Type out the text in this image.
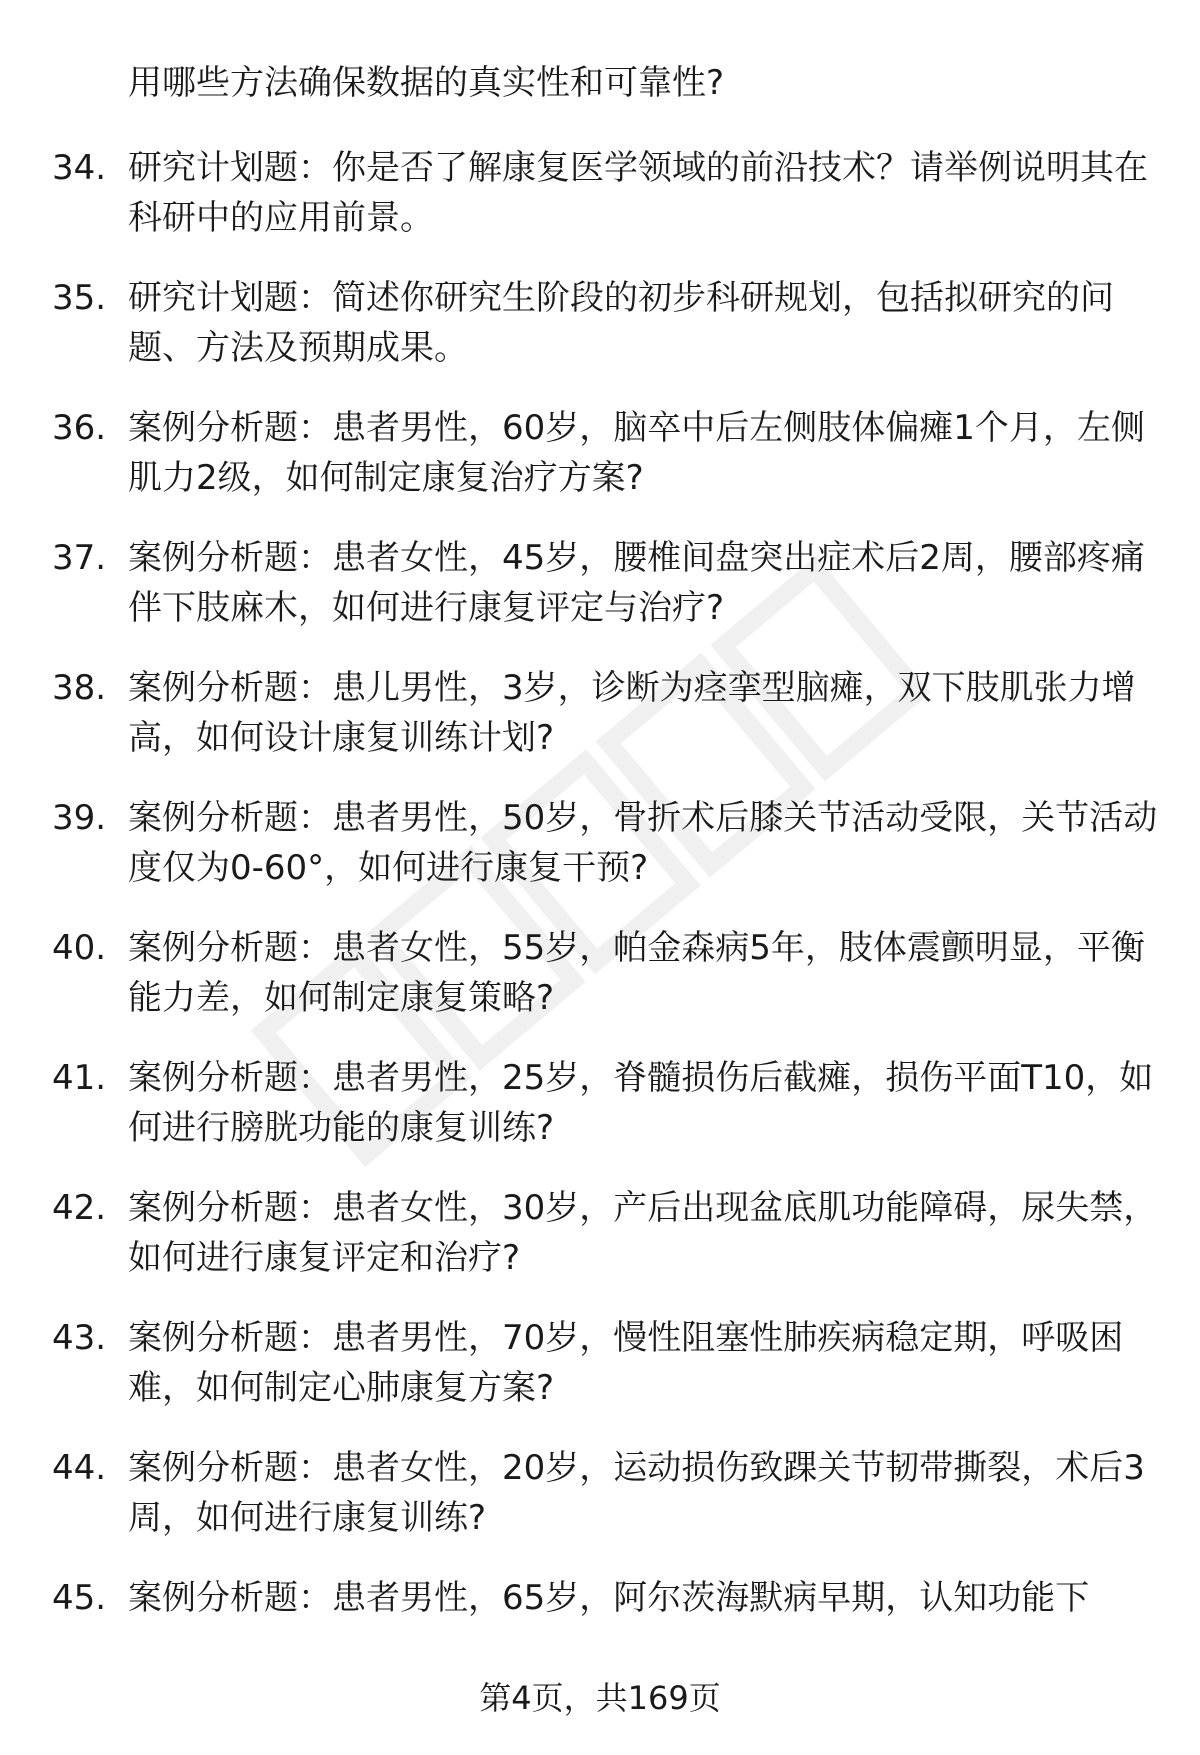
用哪些方法确保数据的真实性和可靠性?
34. 研究计划题：你是否了解康复医学领域的前沿技术？请举例说明其在科研中的应用前景。
35. 研究计划题：简述你研究生阶段的初步科研规划，包括拟研究的问题、方法及预期成果。
36. 案例分析题：患者男性，60岁，脑卒中后左侧肢体偏瘫1个月，左侧肌力2级，如何制定康复治疗方案?
37. 案例分析题：患者女性，45岁，腰椎间盘突出症术后2周，腰部疼痛伴下肢麻木，如何进行康复评定与治疗?
38. 案例分析题：患儿男性，3岁，诊断为痉挛型脑瘫，双下肢肌张力增高，如何设计康复训练计划?
39. 案例分析题：患者男性，50岁，骨折术后膝关节活动受限，关节活动度仅为0-60°，如何进行康复干预?
40. 案例分析题：患者女性，55岁，帕金森病5年，肢体震颤明显，平衡能力差，如何制定康复策略?
41. 案例分析题：患者男性，25岁，脊髓损伤后截瘫，损伤平面T10，如何进行膀胱功能的康复训练?
42. 案例分析题：患者女性，30岁，产后出现盆底肌功能障碍，尿失禁，如何进行康复评定和治疗?
43. 案例分析题：患者男性，70岁，慢性阻塞性肺疾病稳定期，呼吸困难，如何制定心肺康复方案?
44. 案例分析题：患者女性，20岁，运动损伤致踝关节韧带撕裂，术后3周，如何进行康复训练?
45. 案例分析题：患者男性，65岁，阿尔茨海默病早期，认知功能下
第4页，共169页
